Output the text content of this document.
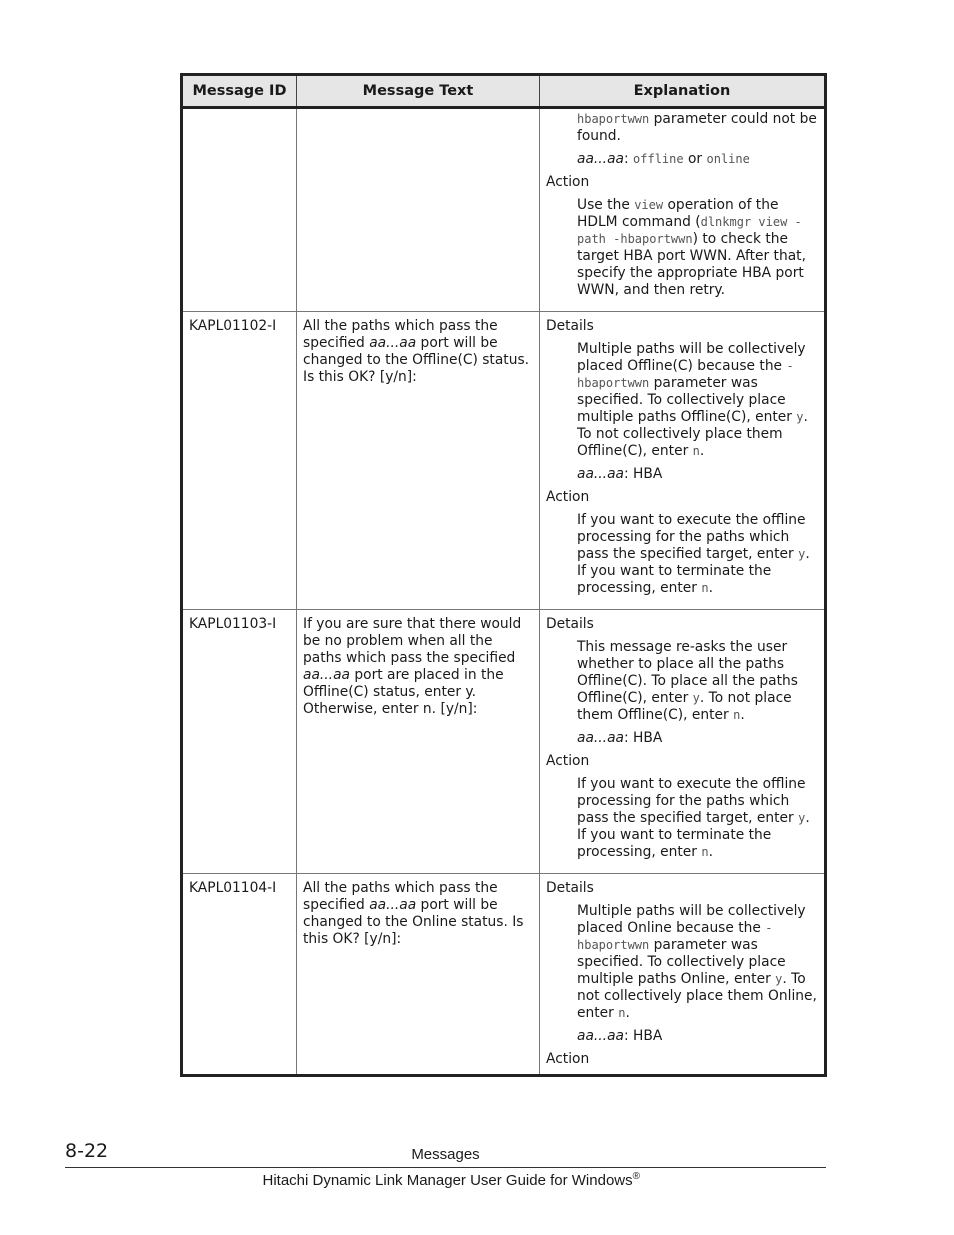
Message ID	Message Text	Explanation

		hbaportwwn parameter could not be found.

aa...aa: offline or online

Action

Use the view operation of the HDLM command (dlnkmgr view -path -hbaportwwn) to check the target HBA port WWN. After that, specify the appropriate HBA port WWN, and then retry.

KAPL01102-I	All the paths which pass the specified aa...aa port will be changed to the Offline(C) status. Is this OK? [y/n]:	Details

Multiple paths will be collectively placed Offline(C) because the -hbaportwwn parameter was specified. To collectively place multiple paths Offline(C), enter y. To not collectively place them Offline(C), enter n.

aa...aa: HBA

Action

If you want to execute the offline processing for the paths which pass the specified target, enter y. If you want to terminate the processing, enter n.

KAPL01103-I	If you are sure that there would be no problem when all the paths which pass the specified aa...aa port are placed in the Offline(C) status, enter y. Otherwise, enter n. [y/n]:	Details

This message re-asks the user whether to place all the paths Offline(C). To place all the paths Offline(C), enter y. To not place them Offline(C), enter n.

aa...aa: HBA

Action

If you want to execute the offline processing for the paths which pass the specified target, enter y. If you want to terminate the processing, enter n.

KAPL01104-I	All the paths which pass the specified aa...aa port will be changed to the Online status. Is this OK? [y/n]:	Details

Multiple paths will be collectively placed Online because the -hbaportwwn parameter was specified. To collectively place multiple paths Online, enter y. To not collectively place them Online, enter n.

aa...aa: HBA

Action

8-22	Messages
Hitachi Dynamic Link Manager User Guide for Windows®
